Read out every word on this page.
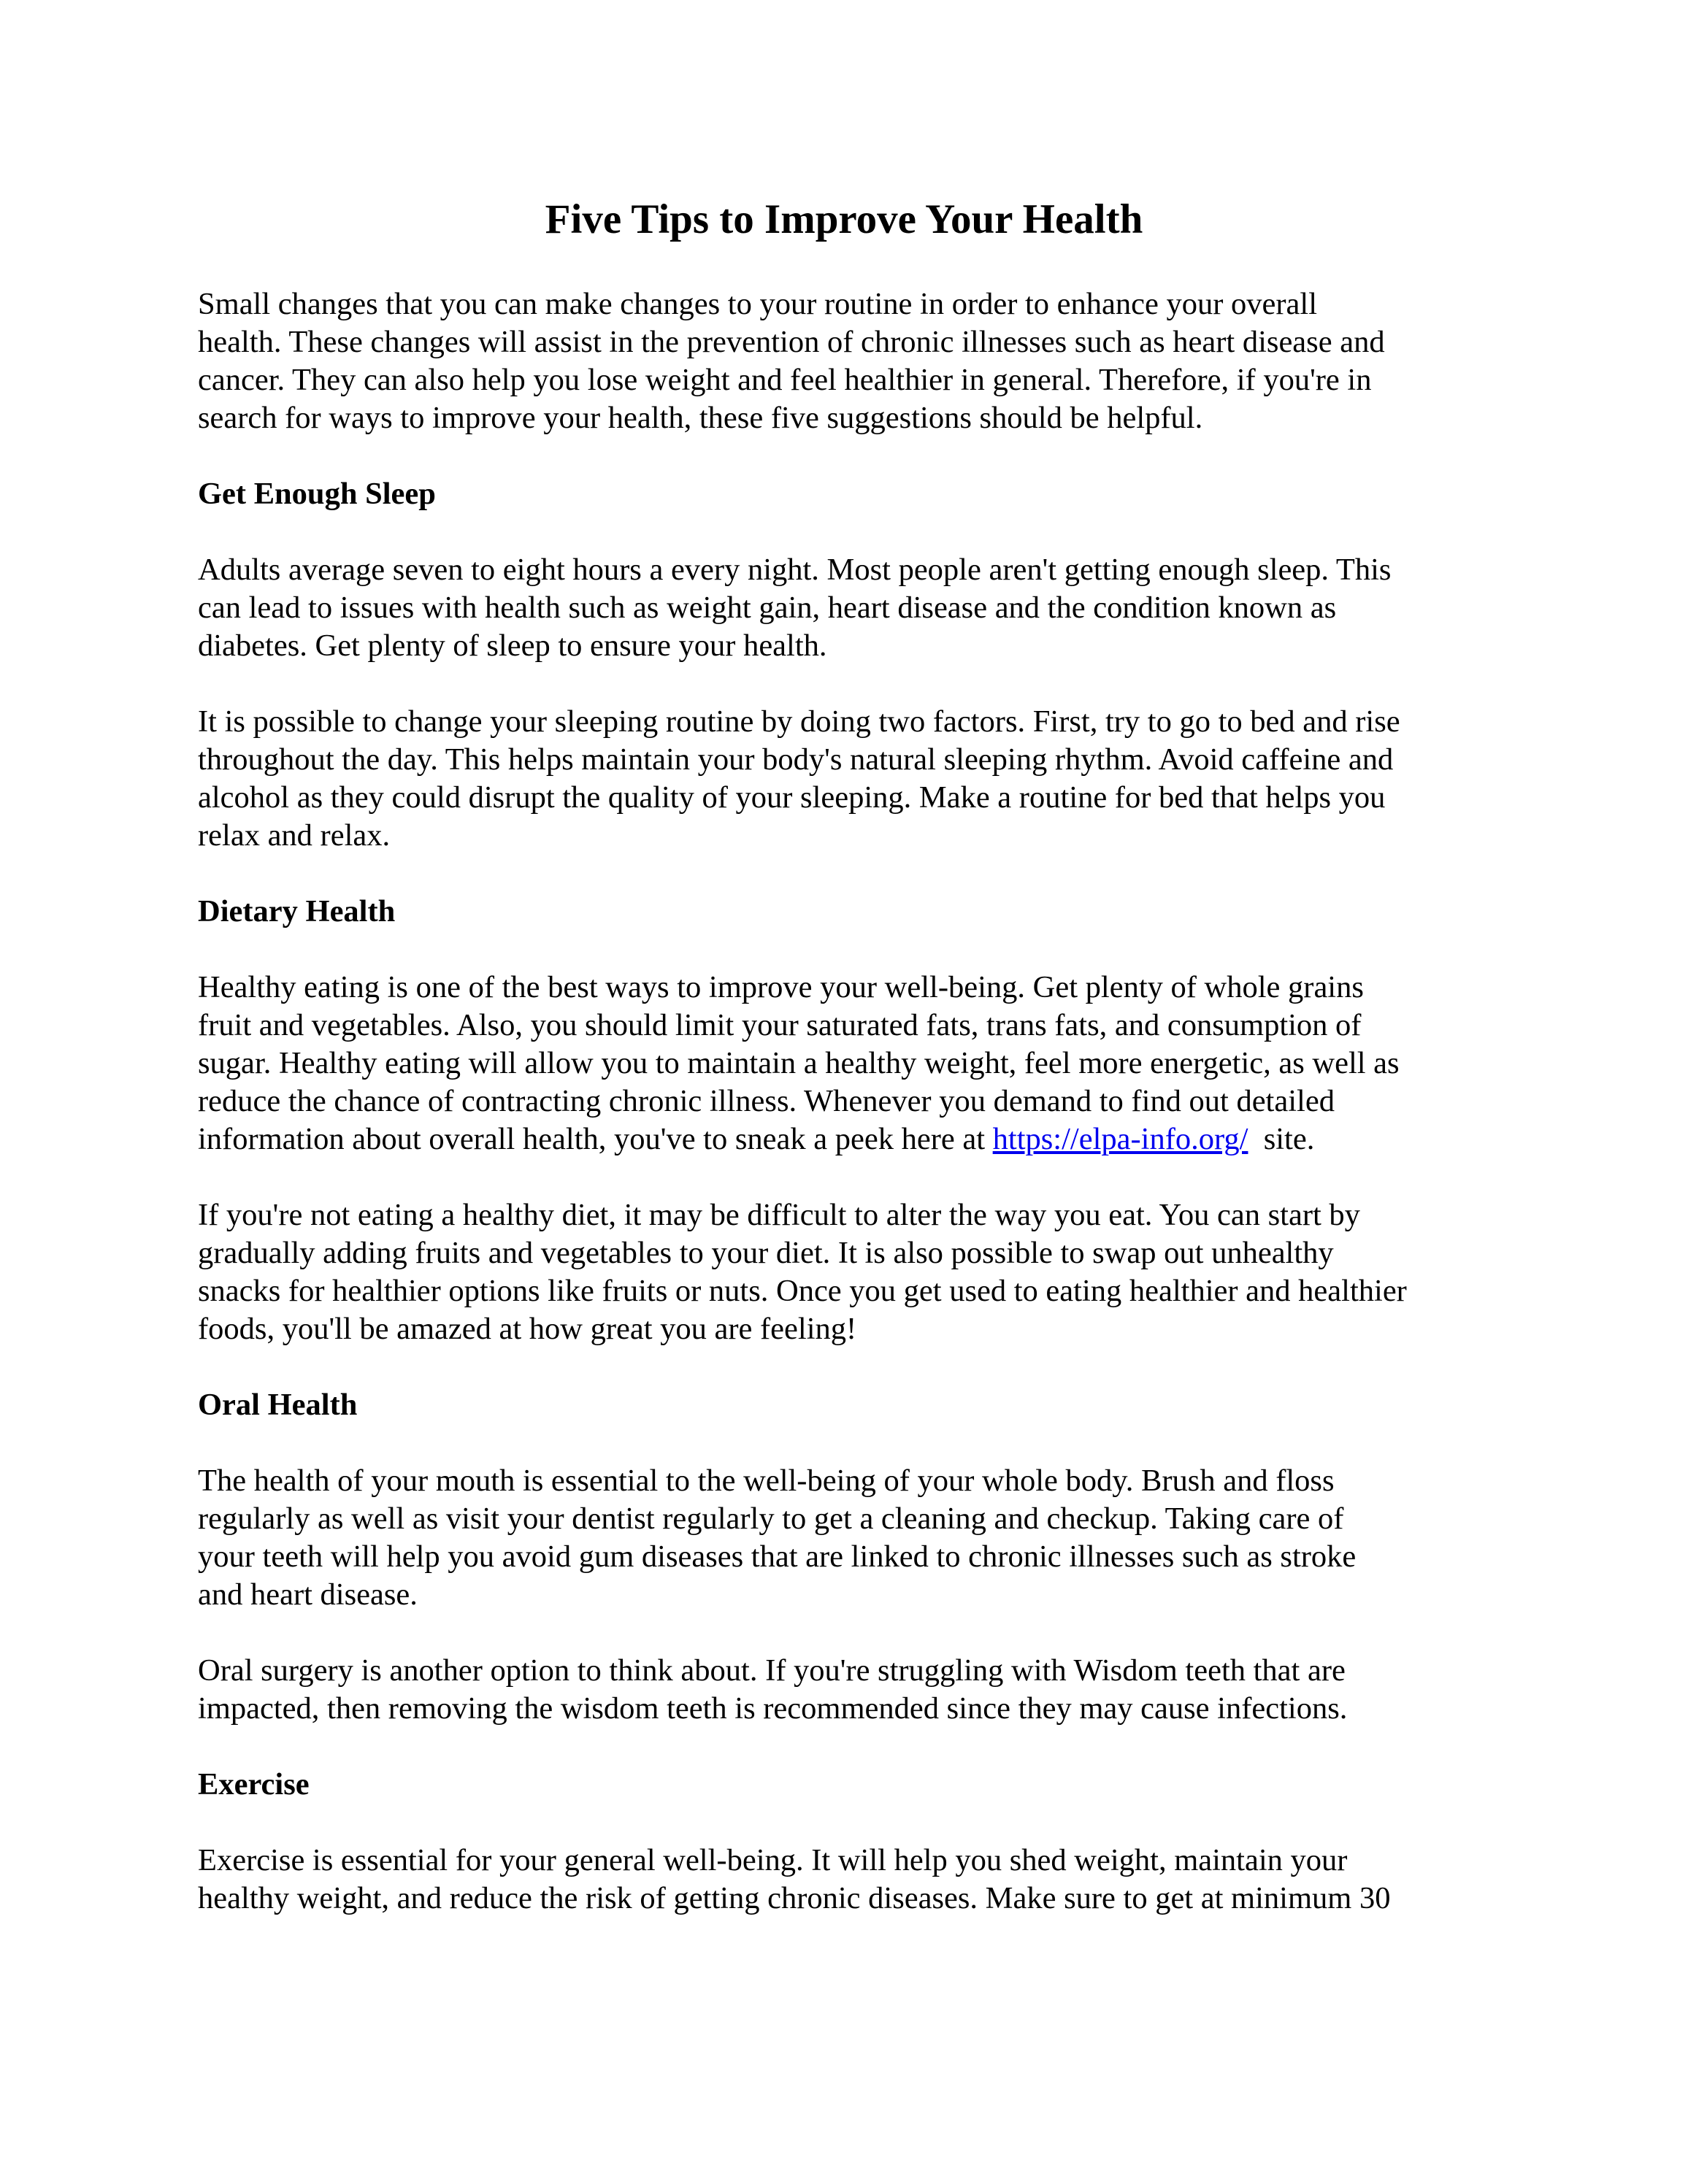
Five Tips to Improve Your Health
Small changes that you can make changes to your routine in order to enhance your overall
health. These changes will assist in the prevention of chronic illnesses such as heart disease and
cancer. They can also help you lose weight and feel healthier in general. Therefore, if you're in
search for ways to improve your health, these five suggestions should be helpful.
Get Enough Sleep
Adults average seven to eight hours a every night. Most people aren't getting enough sleep. This
can lead to issues with health such as weight gain, heart disease and the condition known as
diabetes. Get plenty of sleep to ensure your health.
It is possible to change your sleeping routine by doing two factors. First, try to go to bed and rise
throughout the day. This helps maintain your body's natural sleeping rhythm. Avoid caffeine and
alcohol as they could disrupt the quality of your sleeping. Make a routine for bed that helps you
relax and relax.
Dietary Health
Healthy eating is one of the best ways to improve your well-being. Get plenty of whole grains
fruit and vegetables. Also, you should limit your saturated fats, trans fats, and consumption of
sugar. Healthy eating will allow you to maintain a healthy weight, feel more energetic, as well as
reduce the chance of contracting chronic illness. Whenever you demand to find out detailed
information about overall health, you've to sneak a peek here at https://elpa-info.org/  site.
If you're not eating a healthy diet, it may be difficult to alter the way you eat. You can start by
gradually adding fruits and vegetables to your diet. It is also possible to swap out unhealthy
snacks for healthier options like fruits or nuts. Once you get used to eating healthier and healthier
foods, you'll be amazed at how great you are feeling!
Oral Health
The health of your mouth is essential to the well-being of your whole body. Brush and floss
regularly as well as visit your dentist regularly to get a cleaning and checkup. Taking care of
your teeth will help you avoid gum diseases that are linked to chronic illnesses such as stroke
and heart disease.
Oral surgery is another option to think about. If you're struggling with Wisdom teeth that are
impacted, then removing the wisdom teeth is recommended since they may cause infections.
Exercise
Exercise is essential for your general well-being. It will help you shed weight, maintain your
healthy weight, and reduce the risk of getting chronic diseases. Make sure to get at minimum 30
